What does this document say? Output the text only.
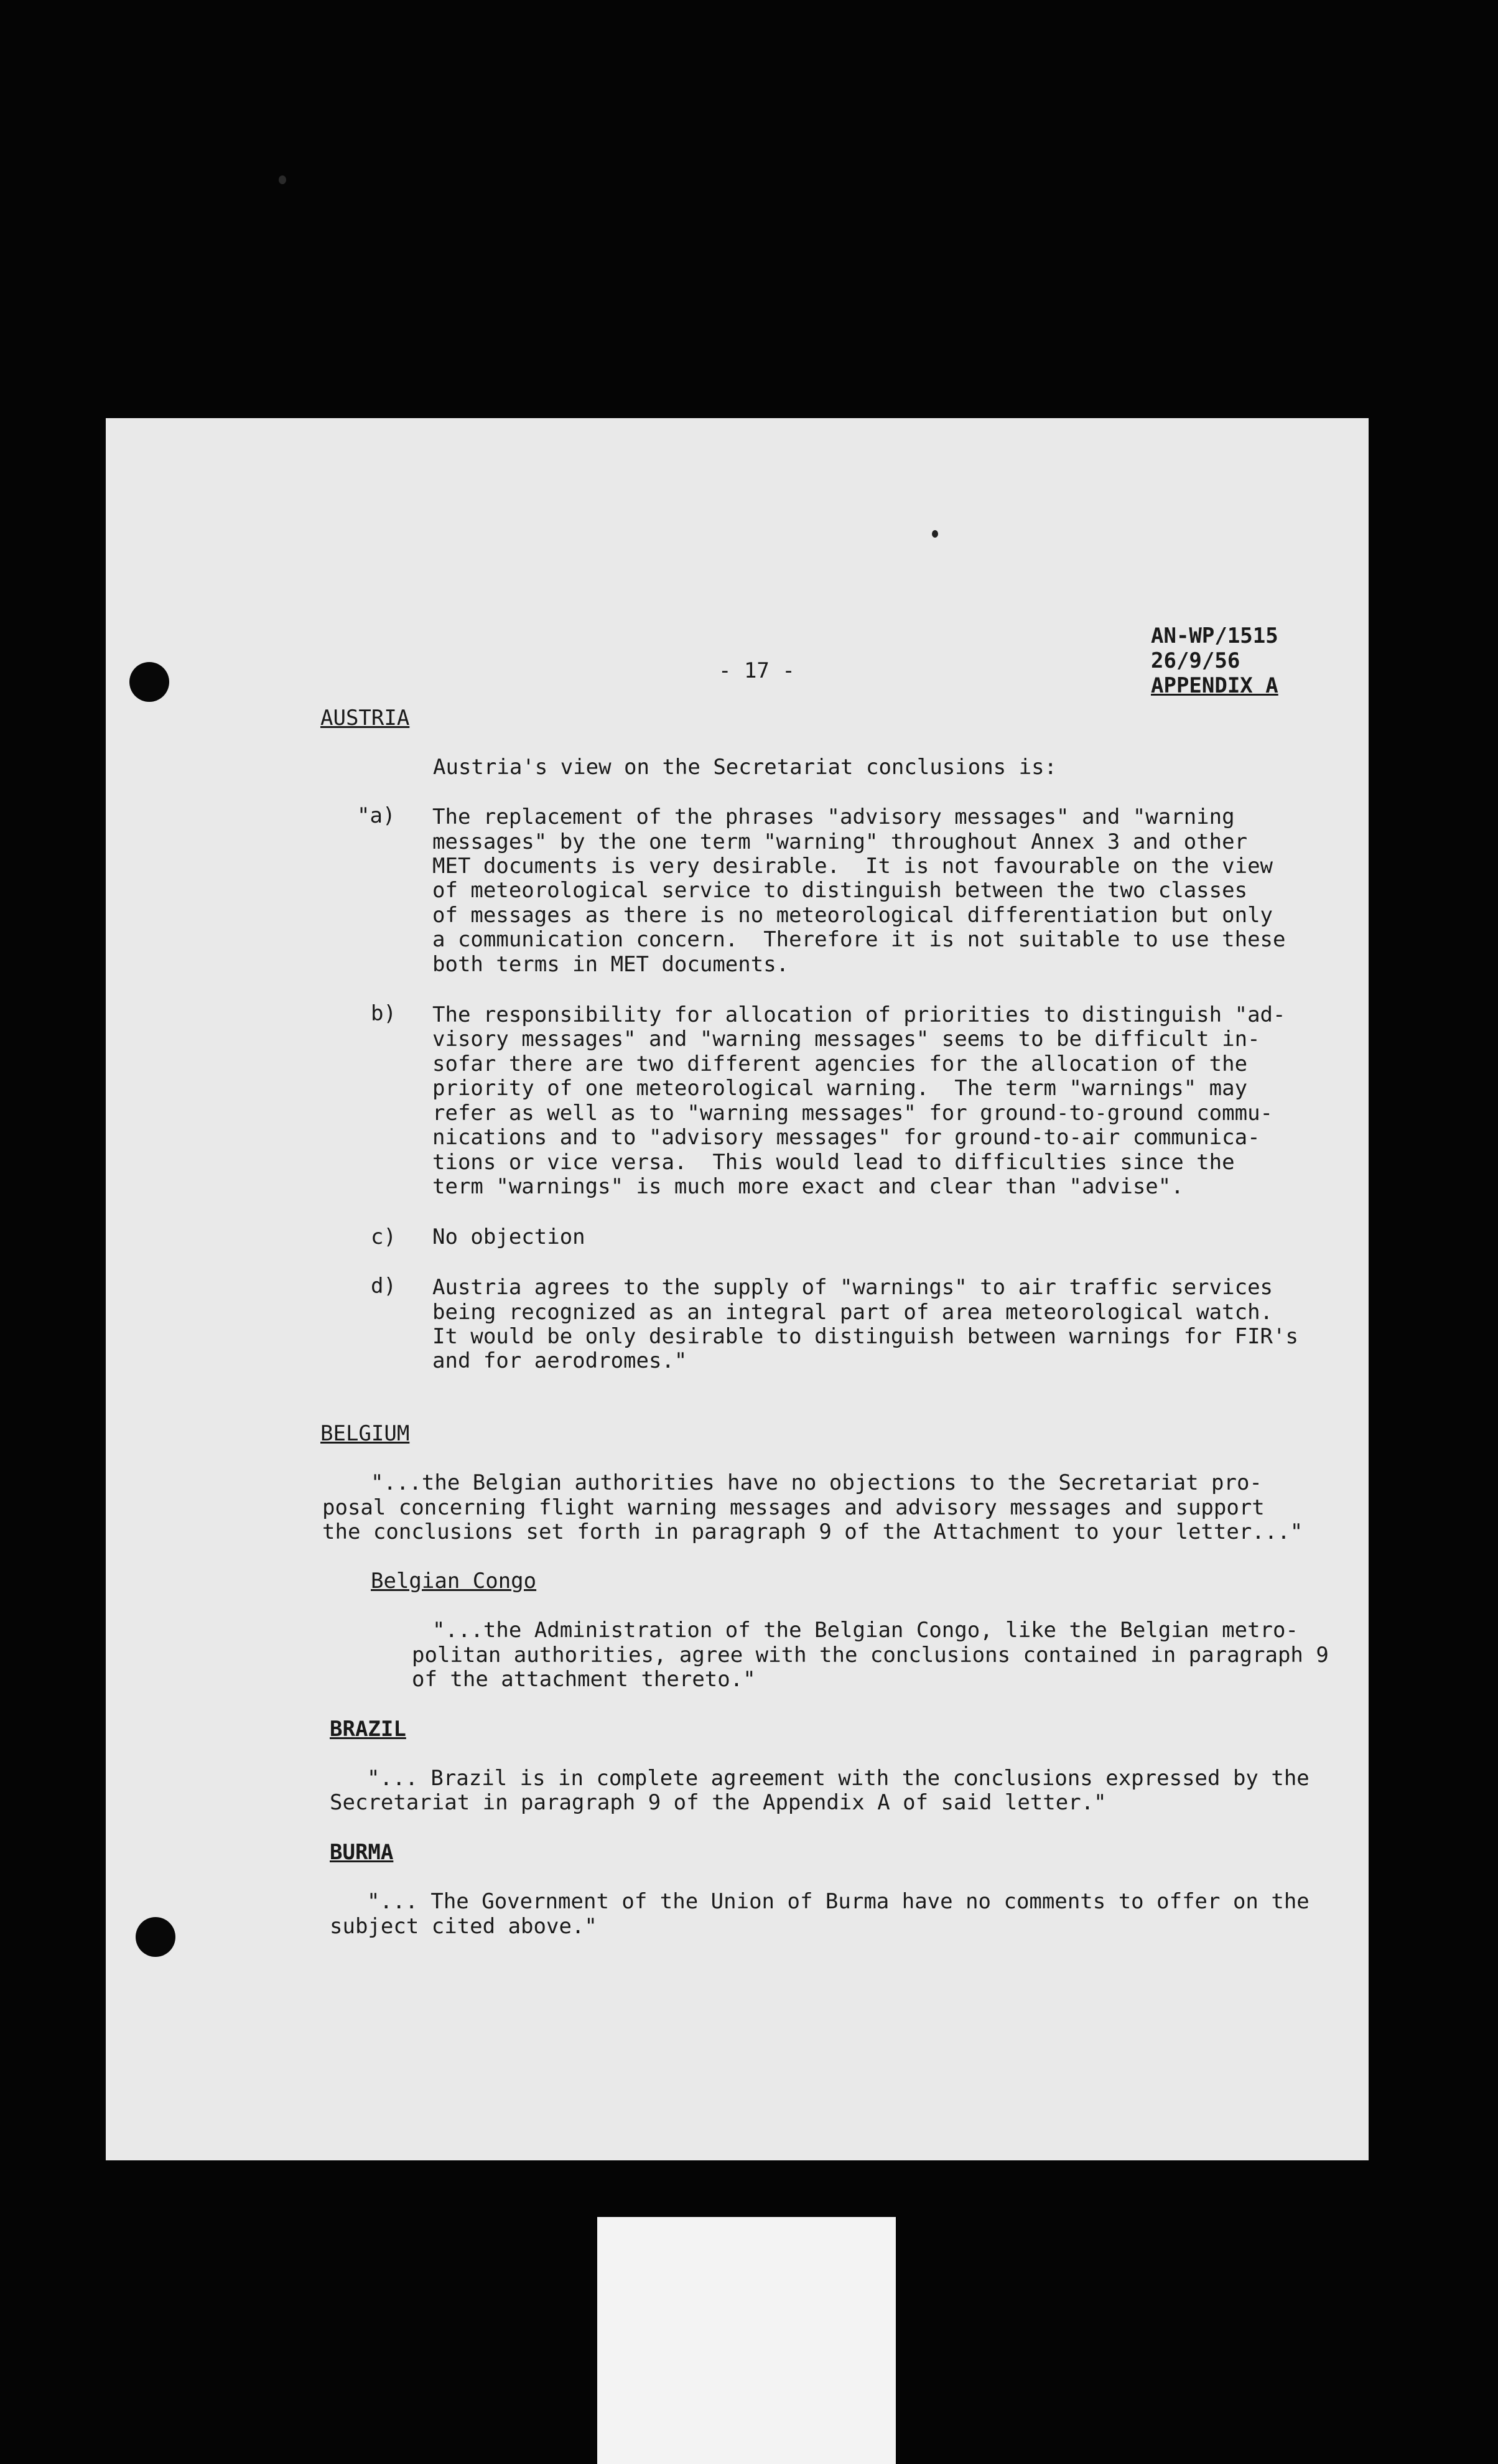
- 17 -
AN-WP/1515
26/9/56
APPENDIX A
AUSTRIA
Austria's view on the Secretariat conclusions is:
"a) The replacement of the phrases "advisory messages" and "warning
messages" by the one term "warning" throughout Annex 3 and other
MET documents is very desirable.  It is not favourable on the view
of meteorological service to distinguish between the two classes
of messages as there is no meteorological differentiation but only
a communication concern.  Therefore it is not suitable to use these
both terms in MET documents.
b) The responsibility for allocation of priorities to distinguish "ad-
visory messages" and "warning messages" seems to be difficult in-
sofar there are two different agencies for the allocation of the
priority of one meteorological warning.  The term "warnings" may
refer as well as to "warning messages" for ground-to-ground commu-
nications and to "advisory messages" for ground-to-air communica-
tions or vice versa.  This would lead to difficulties since the
term "warnings" is much more exact and clear than "advise".
c) No objection
d) Austria agrees to the supply of "warnings" to air traffic services
being recognized as an integral part of area meteorological watch.
It would be only desirable to distinguish between warnings for FIR's
and for aerodromes."
BELGIUM
"...the Belgian authorities have no objections to the Secretariat pro-
posal concerning flight warning messages and advisory messages and support
the conclusions set forth in paragraph 9 of the Attachment to your letter..."
Belgian Congo
"...the Administration of the Belgian Congo, like the Belgian metro-
politan authorities, agree with the conclusions contained in paragraph 9
of the attachment thereto."
BRAZIL
"... Brazil is in complete agreement with the conclusions expressed by the
Secretariat in paragraph 9 of the Appendix A of said letter."
BURMA
"... The Government of the Union of Burma have no comments to offer on the
subject cited above."
